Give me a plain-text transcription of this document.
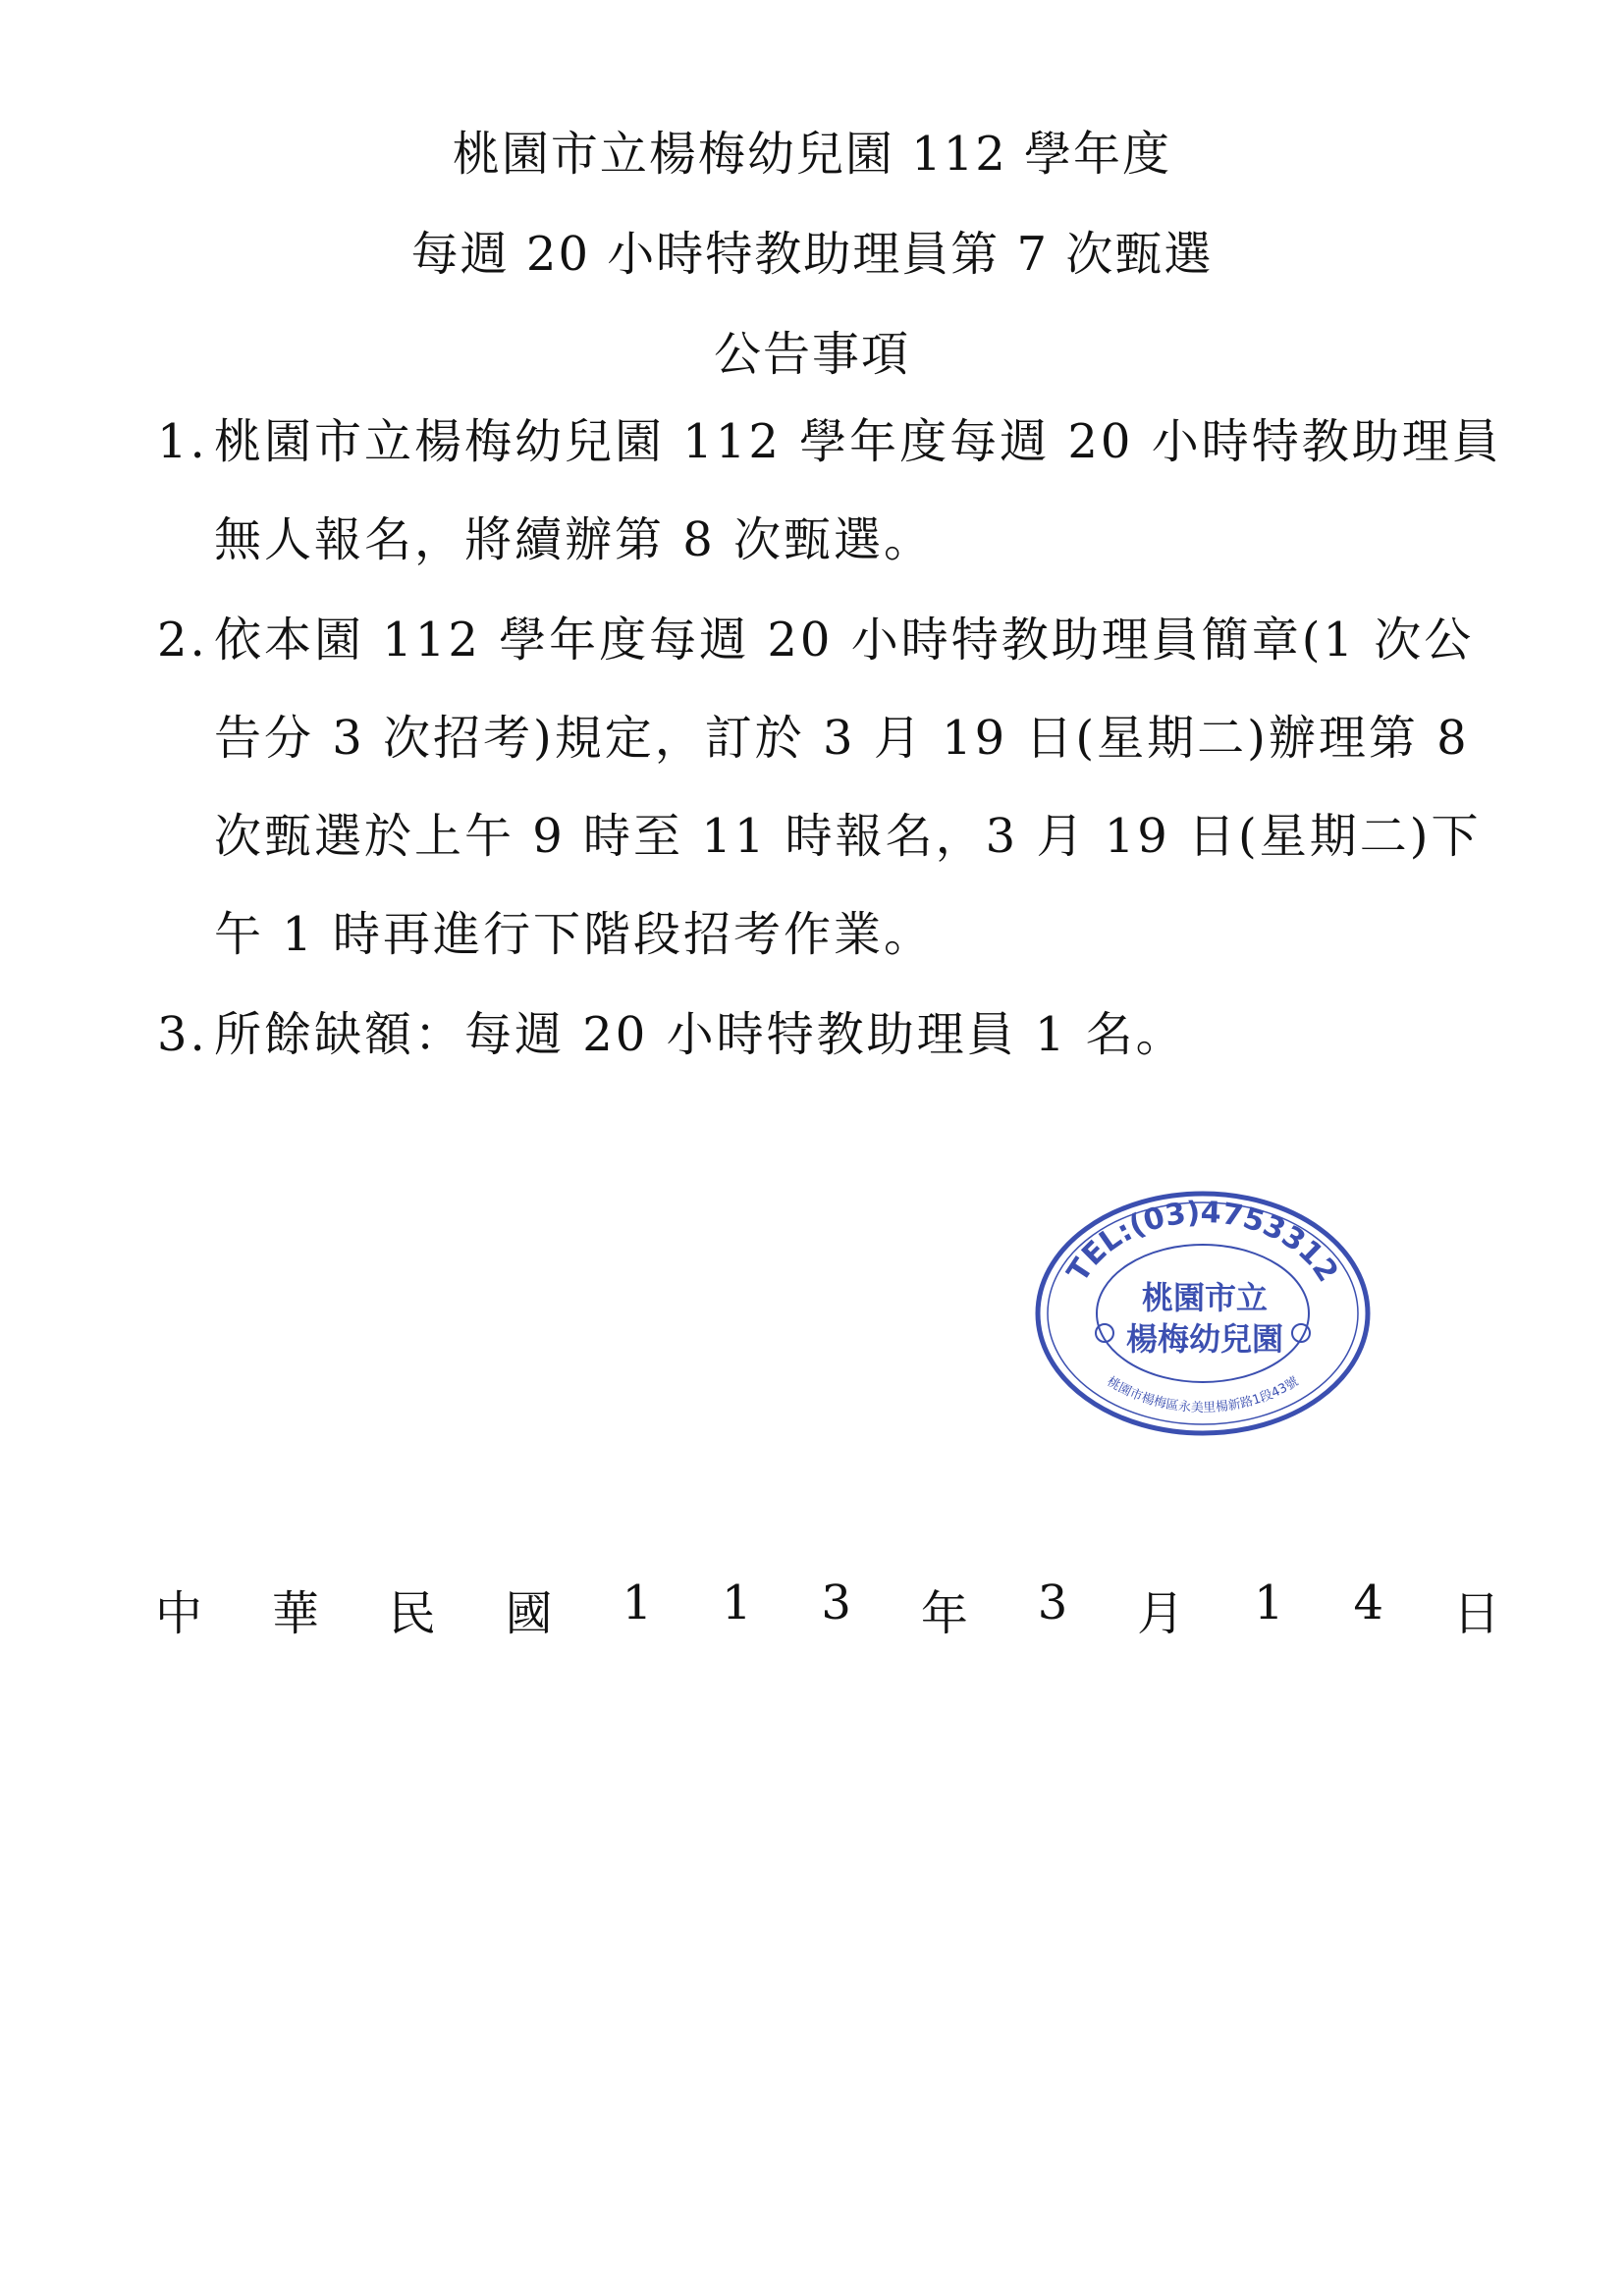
桃園市立楊梅幼兒園 112 學年度
每週 20 小時特教助理員第 7 次甄選
公告事項
1. 桃園市立楊梅幼兒園 112 學年度每週 20 小時特教助理員無人報名，將續辦第 8 次甄選。
2. 依本園 112 學年度每週 20 小時特教助理員簡章(1 次公告分 3 次招考)規定，訂於 3 月 19 日(星期二)辦理第 8 次甄選於上午 9 時至 11 時報名，3 月 19 日(星期二)下午 1 時再進行下階段招考作業。
3. 所餘缺額：每週 20 小時特教助理員 1 名。
TEL:(03)4753312
桃園市楊梅區永美里楊新路1段43號
桃園市立
楊梅幼兒園
中 華 民 國 1 1 3 年 3 月 1 4 日
